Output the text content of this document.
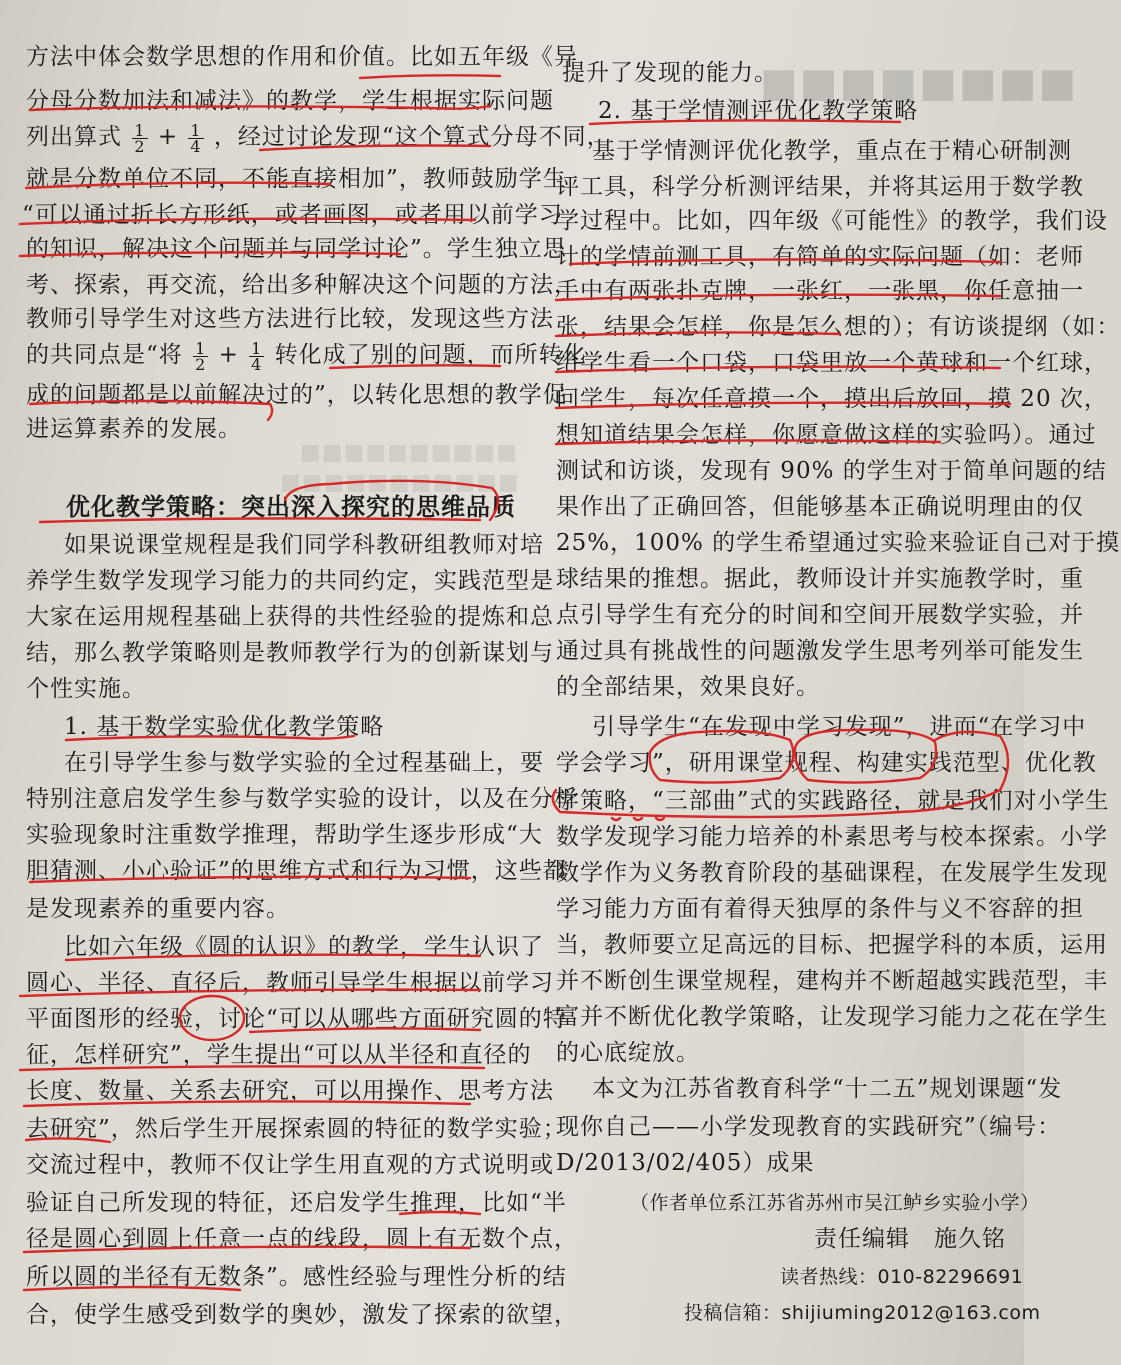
■■■■■■■■
方法中体会数学思想的作用和价值。比如五年级《异
分母分数加法和减法》的教学，学生根据实际问题
列出算式 $\frac{1}{2} + \frac{1}{4}$ ，经过讨论发现“这个算式分母不同，
就是分数单位不同，不能直接相加”，教师鼓励学生
“可以通过折长方形纸，或者画图，或者用以前学习
的知识，解决这个问题并与同学讨论”。学生独立思
考、探索，再交流，给出多种解决这个问题的方法，
教师引导学生对这些方法进行比较，发现这些方法
的共同点是“将 $\frac{1}{2} + \frac{1}{4}$ 转化成了别的问题，而所转化
成的问题都是以前解决过的”，以转化思想的教学促
进运算素养的发展。
■■■■■■■■■■
■■■■■■■■■■■
优化教学策略：突出深入探究的思维品质
如果说课堂规程是我们同学科教研组教师对培
养学生数学发现学习能力的共同约定，实践范型是
大家在运用规程基础上获得的共性经验的提炼和总
结，那么教学策略则是教师教学行为的创新谋划与
个性实施。
1. 基于数学实验优化教学策略
在引导学生参与数学实验的全过程基础上，要
特别注意启发学生参与数学实验的设计，以及在分析
实验现象时注重数学推理，帮助学生逐步形成“大
胆猜测、小心验证”的思维方式和行为习惯，这些都
是发现素养的重要内容。
比如六年级《圆的认识》的教学，学生认识了
圆心、半径、直径后，教师引导学生根据以前学习
平面图形的经验，讨论“可以从哪些方面研究圆的特
征，怎样研究”，学生提出“可以从半径和直径的
长度、数量、关系去研究，可以用操作、思考方法
去研究”，然后学生开展探索圆的特征的数学实验；
交流过程中，教师不仅让学生用直观的方式说明或
验证自己所发现的特征，还启发学生推理，比如“半
径是圆心到圆上任意一点的线段，圆上有无数个点，
所以圆的半径有无数条”。感性经验与理性分析的结
合，使学生感受到数学的奥妙，激发了探索的欲望，
提升了发现的能力。
2. 基于学情测评优化教学策略
基于学情测评优化教学，重点在于精心研制测
评工具，科学分析测评结果，并将其运用于数学教
学过程中。比如，四年级《可能性》的教学，我们设
计的学情前测工具，有简单的实际问题（如：老师
手中有两张扑克牌，一张红，一张黑，你任意抽一
张，结果会怎样，你是怎么想的）；有访谈提纲（如：
给学生看一个口袋，口袋里放一个黄球和一个红球，
问学生，每次任意摸一个，摸出后放回，摸 20 次，
想知道结果会怎样，你愿意做这样的实验吗）。通过
测试和访谈，发现有 90% 的学生对于简单问题的结
果作出了正确回答，但能够基本正确说明理由的仅
25%，100% 的学生希望通过实验来验证自己对于摸
球结果的推想。据此，教师设计并实施教学时，重
点引导学生有充分的时间和空间开展数学实验，并
通过具有挑战性的问题激发学生思考列举可能发生
的全部结果，效果良好。
引导学生“在发现中学习发现”，进而“在学习中
学会学习”，研用课堂规程、构建实践范型、优化教
学策略，“三部曲”式的实践路径，就是我们对小学生
数学发现学习能力培养的朴素思考与校本探索。小学
数学作为义务教育阶段的基础课程，在发展学生发现
学习能力方面有着得天独厚的条件与义不容辞的担
当，教师要立足高远的目标、把握学科的本质，运用
并不断创生课堂规程，建构并不断超越实践范型，丰
富并不断优化教学策略，让发现学习能力之花在学生
的心底绽放。
本文为江苏省教育科学“十二五”规划课题“发
现你自己——小学发现教育的实践研究”（编号：
D/2013/02/405）成果
（作者单位系江苏省苏州市吴江鲈乡实验小学）
责任编辑　施久铭
读者热线：010-82296691
投稿信箱：shijiuming2012@163.com
